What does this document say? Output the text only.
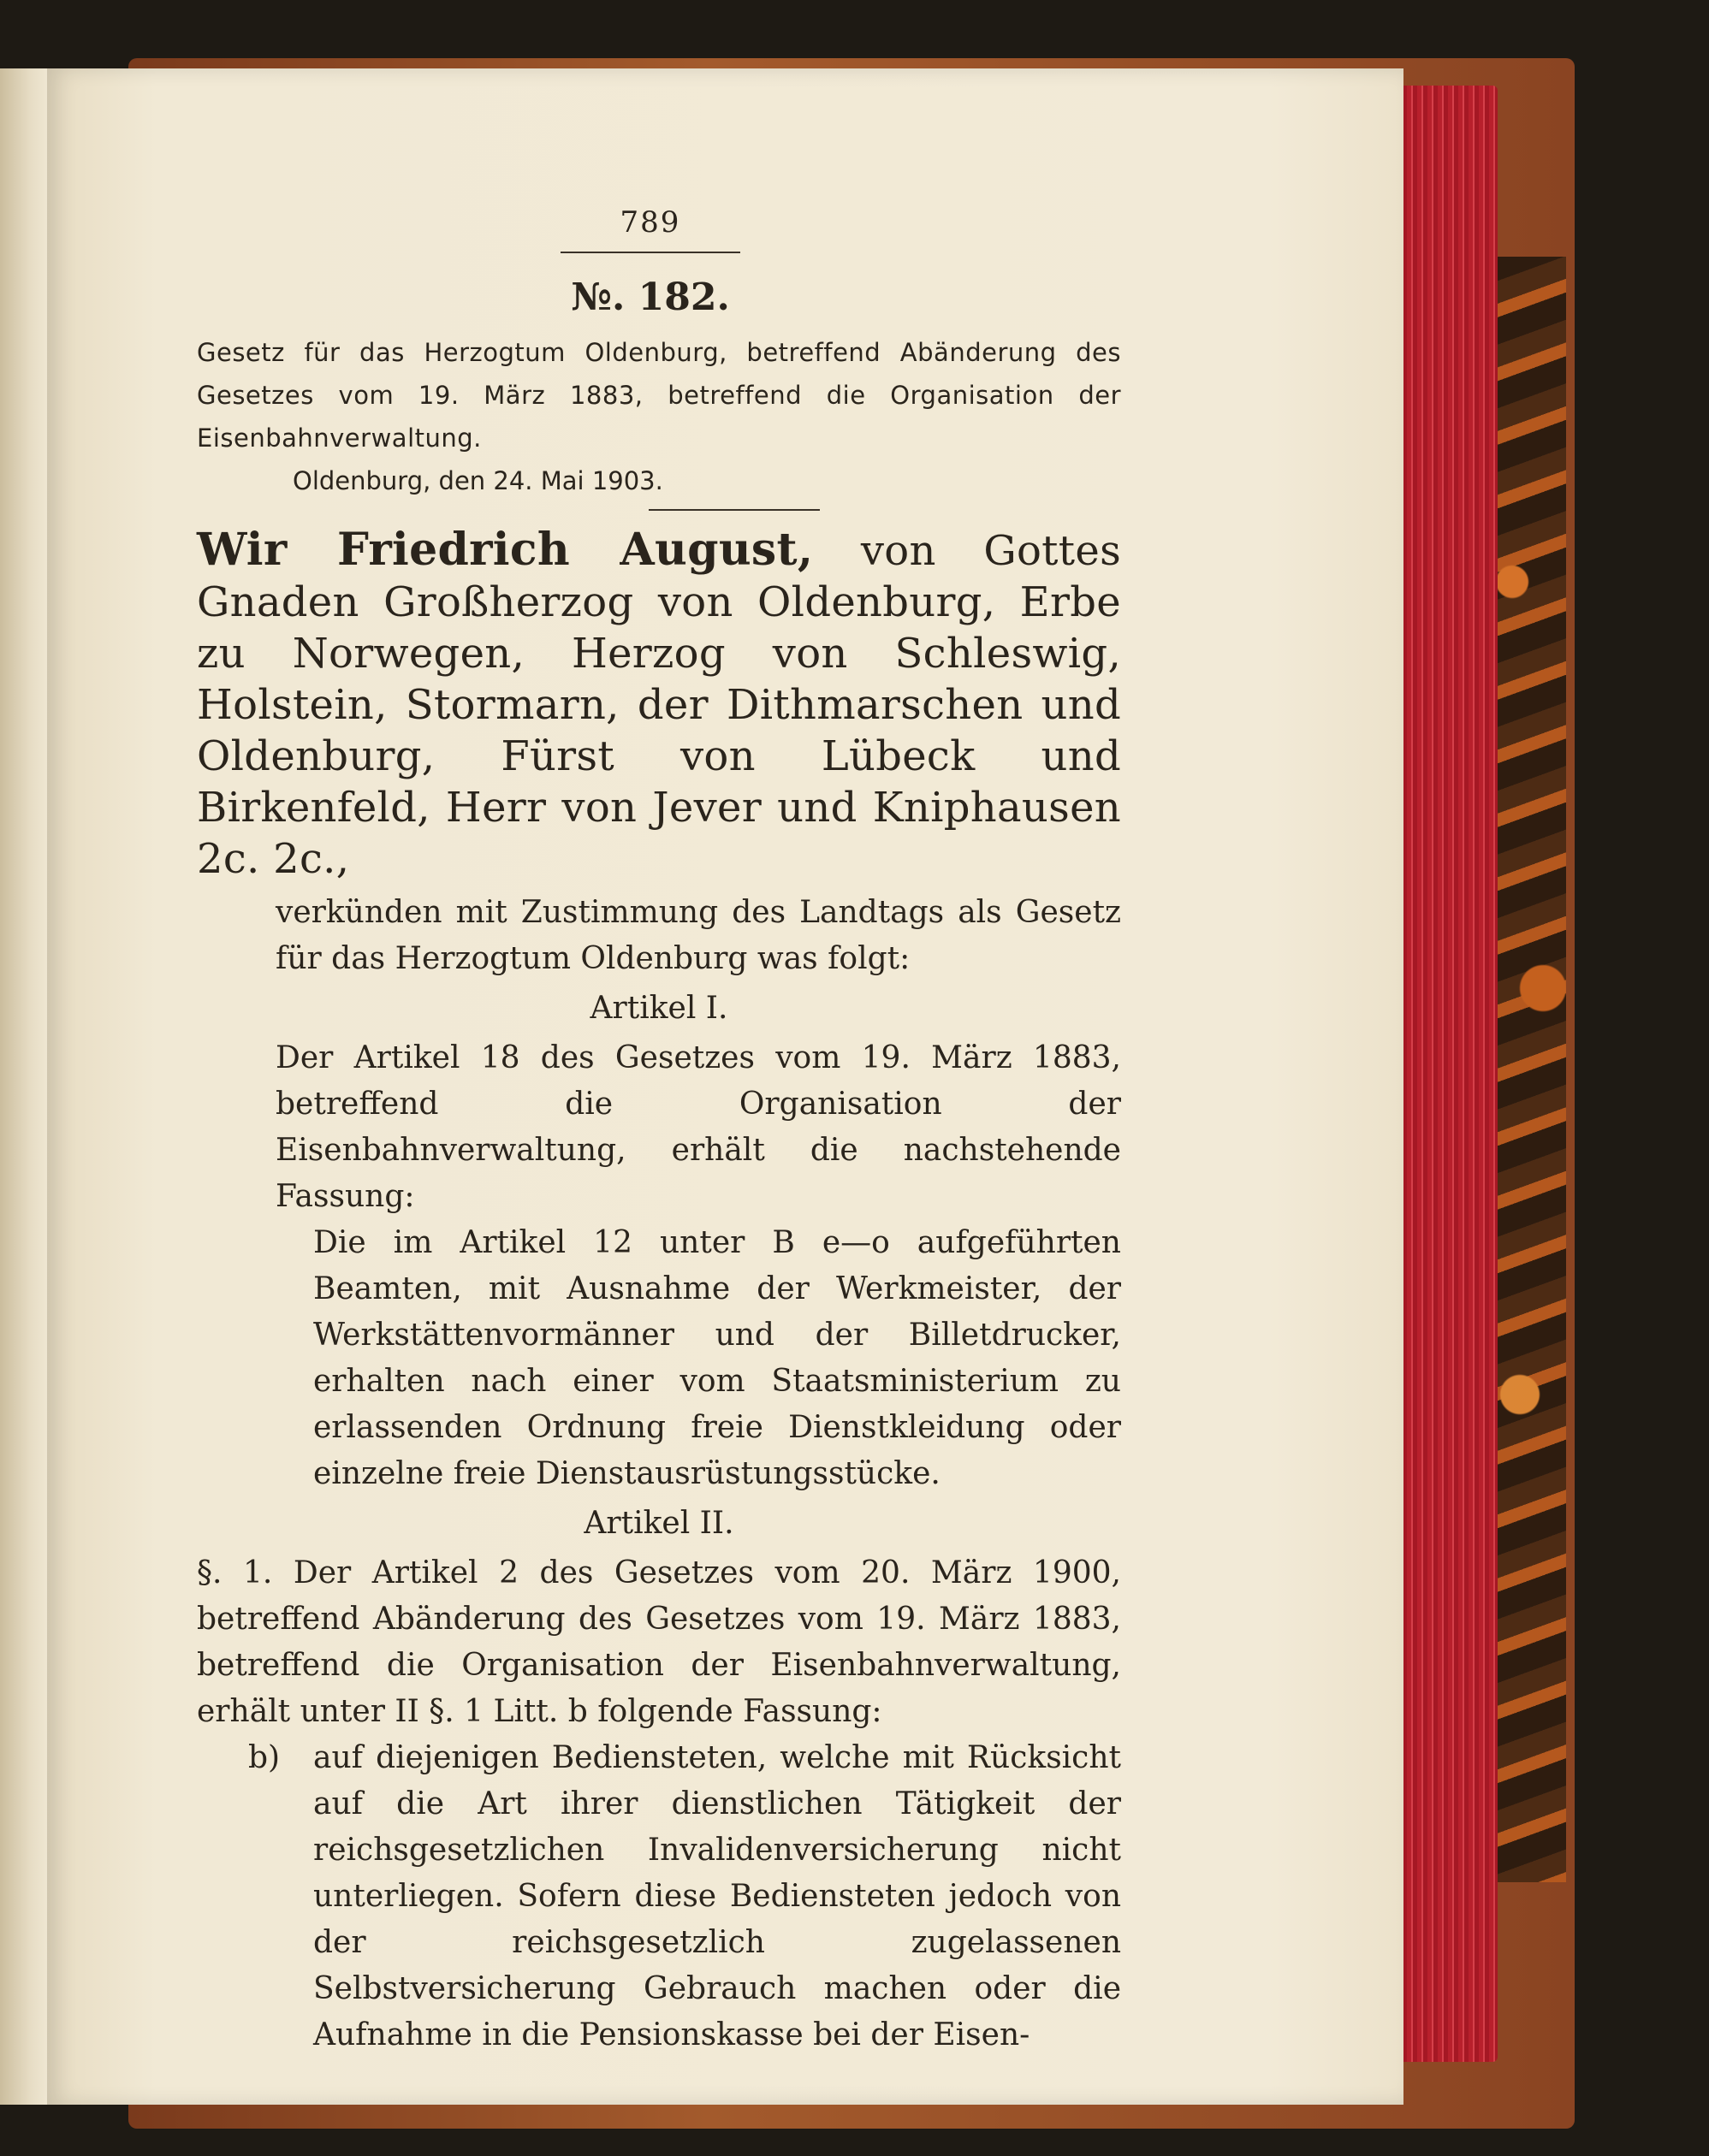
789
№. 182.
Gesetz für das Herzogtum Oldenburg, betreffend Abänderung des Gesetzes vom 19. März 1883, betreffend die Organisation der Eisenbahnverwaltung.
Oldenburg, den 24. Mai 1903.
Wir Friedrich August, von Gottes Gnaden Großherzog von Oldenburg, Erbe zu Norwegen, Herzog von Schleswig, Holstein, Stormarn, der Dithmarschen und Oldenburg, Fürst von Lübeck und Birkenfeld, Herr von Jever und Kniphausen 2c. 2c.,
verkünden mit Zustimmung des Landtags als Gesetz für das Herzogtum Oldenburg was folgt:
Artikel I.
Der Artikel 18 des Gesetzes vom 19. März 1883, betreffend die Organisation der Eisenbahnverwaltung, erhält die nachstehende Fassung:
Die im Artikel 12 unter B e—o aufgeführten Beamten, mit Ausnahme der Werkmeister, der Werkstättenvormänner und der Billetdrucker, erhalten nach einer vom Staatsministerium zu erlassenden Ordnung freie Dienstkleidung oder einzelne freie Dienstausrüstungsstücke.
Artikel II.
§. 1. Der Artikel 2 des Gesetzes vom 20. März 1900, betreffend Abänderung des Gesetzes vom 19. März 1883, betreffend die Organisation der Eisenbahnverwaltung, erhält unter II §. 1 Litt. b folgende Fassung:
b)	auf diejenigen Bediensteten, welche mit Rücksicht auf die Art ihrer dienstlichen Tätigkeit der reichsgesetzlichen Invalidenversicherung nicht unterliegen. Sofern diese Bediensteten jedoch von der reichsgesetzlich zugelassenen Selbstversicherung Gebrauch machen oder die Aufnahme in die Pensionskasse bei der Eisen-
